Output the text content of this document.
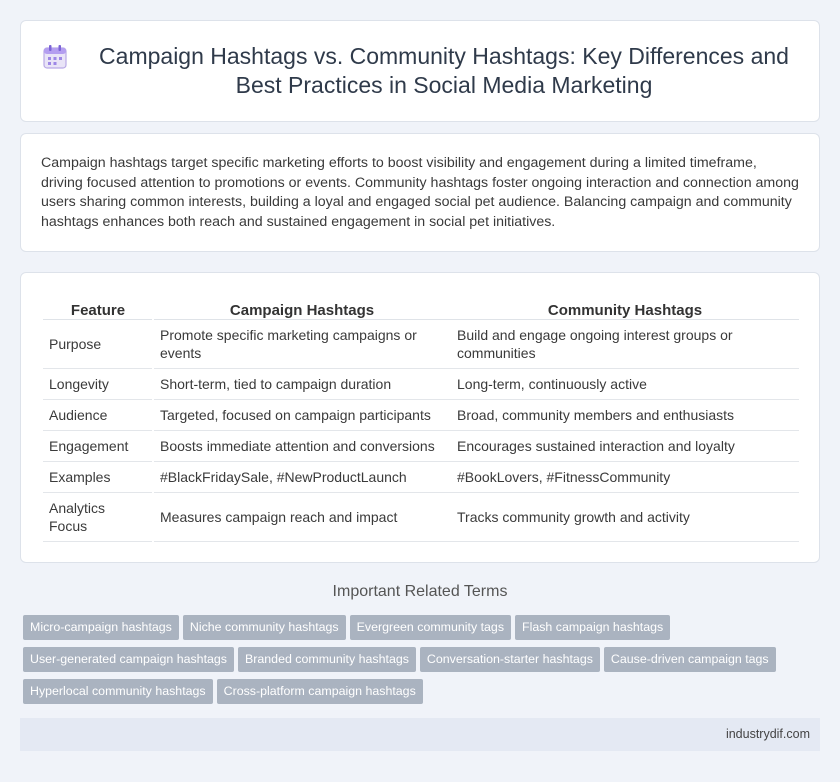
Campaign Hashtags vs. Community Hashtags: Key Differences and Best Practices in Social Media Marketing

Campaign hashtags target specific marketing efforts to boost visibility and engagement during a limited timeframe, driving focused attention to promotions or events. Community hashtags foster ongoing interaction and connection among users sharing common interests, building a loyal and engaged social pet audience. Balancing campaign and community hashtags enhances both reach and sustained engagement in social pet initiatives.

Feature	Campaign Hashtags	Community Hashtags
Purpose	Promote specific marketing campaigns or events	Build and engage ongoing interest groups or communities
Longevity	Short-term, tied to campaign duration	Long-term, continuously active
Audience	Targeted, focused on campaign participants	Broad, community members and enthusiasts
Engagement	Boosts immediate attention and conversions	Encourages sustained interaction and loyalty
Examples	#BlackFridaySale, #NewProductLaunch	#BookLovers, #FitnessCommunity
Analytics Focus	Measures campaign reach and impact	Tracks community growth and activity
Important Related Terms
Micro-campaign hashtags Niche community hashtags Evergreen community tags Flash campaign hashtags
User-generated campaign hashtags Branded community hashtags Conversation-starter hashtags Cause-driven campaign tags
Hyperlocal community hashtags Cross-platform campaign hashtags
industrydif.com
